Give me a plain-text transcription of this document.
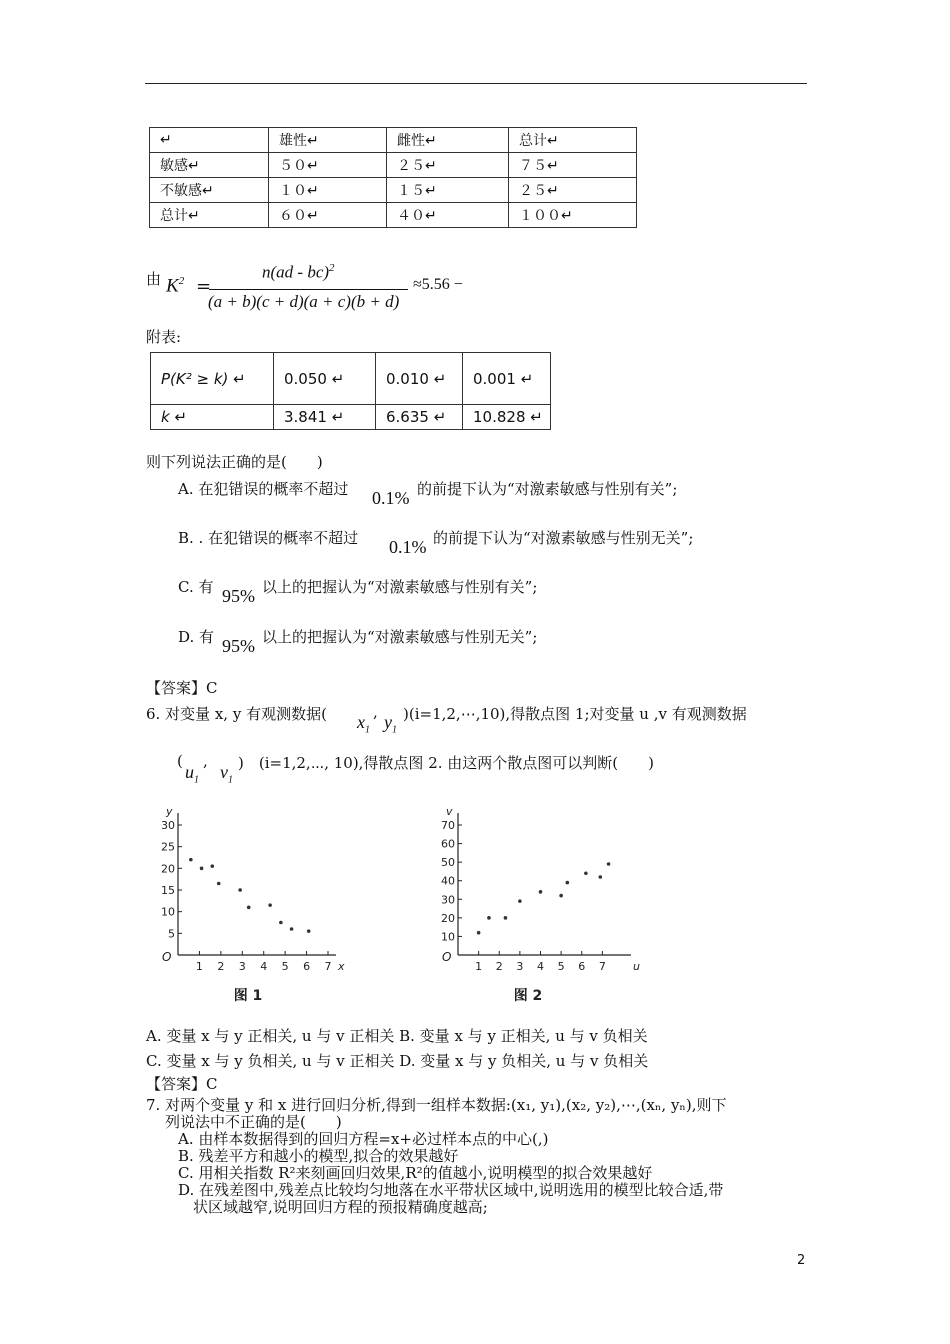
↵	雄性↵	雌性↵	总计↵
敏感↵	５０↵	２５↵	７５↵
不敏感↵	１０↵	１５↵	２５↵
总计↵	６０↵	４０↵	１００↵
由 $K^2$ =
n(ad - bc)$^2$
(a + b)(c + d)(a + c)(b + d)
≈5.56 −
附表:
P(K² ≥ k) ↵	0.050 ↵	0.010 ↵	0.001 ↵
k ↵	3.841 ↵	6.635 ↵	10.828 ↵
则下列说法正确的是(　　)
A. 在犯错误的概率不超过 0.1% 的前提下认为“对激素敏感与性别有关”;
B. . 在犯错误的概率不超过 0.1% 的前提下认为“对激素敏感与性别无关”;
C. 有 95% 以上的把握认为“对激素敏感与性别有关”;
D. 有 95% 以上的把握认为“对激素敏感与性别无关”;
【答案】C
6. 对变量 x, y 有观测数据( $x_1$
, $y_1$
)(i=1,2,⋯,10),得散点图 1;对变量 u ,v 有观测数据
(
$u_1$
,
$v_1$
)　(i=1,2,⋯, 10),得散点图 2. 由这两个散点图可以判断(　　)
5
10
15
20
25
30
1 2 3 4 5 6 7
O
y
x
图 1
10
20
30
40
50
60
70
1 2 3 4 5 6 7
O
v
u
图 2
A. 变量 x 与 y 正相关, u 与 v 正相关 B. 变量 x 与 y 正相关, u 与 v 负相关
C. 变量 x 与 y 负相关, u 与 v 正相关 D. 变量 x 与 y 负相关, u 与 v 负相关
【答案】C
7. 对两个变量 y 和 x 进行回归分析,得到一组样本数据:(x₁, y₁),(x₂, y₂),⋯,(xₙ, yₙ),则下
列说法中不正确的是(　　)
A. 由样本数据得到的回归方程=x+必过样本点的中心(,)
B. 残差平方和越小的模型,拟合的效果越好
C. 用相关指数 R²来刻画回归效果,R²的值越小,说明模型的拟合效果越好
D. 在残差图中,残差点比较均匀地落在水平带状区域中,说明选用的模型比较合适,带
状区域越窄,说明回归方程的预报精确度越高;
2
